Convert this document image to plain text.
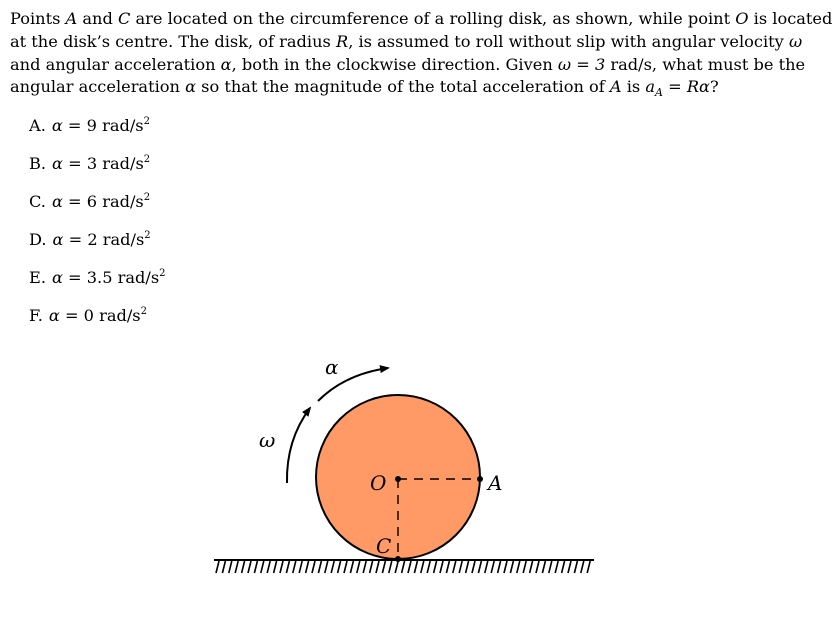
Points A and C are located on the circumference of a rolling disk, as shown, while point O is located
at the disk’s centre. The disk, of radius R, is assumed to roll without slip with angular velocity ω
and angular acceleration α, both in the clockwise direction. Given ω = 3 rad/s, what must be the
angular acceleration α so that the magnitude of the total acceleration of A is $a_A = R\alpha$?
A. α = 9 rad/$s^2$
B. α = 3 rad/$s^2$
C. α = 6 rad/$s^2$
D. α = 2 rad/$s^2$
E. α = 3.5 rad/$s^2$
F. α = 0 rad/$s^2$
α
ω
O	A
C
